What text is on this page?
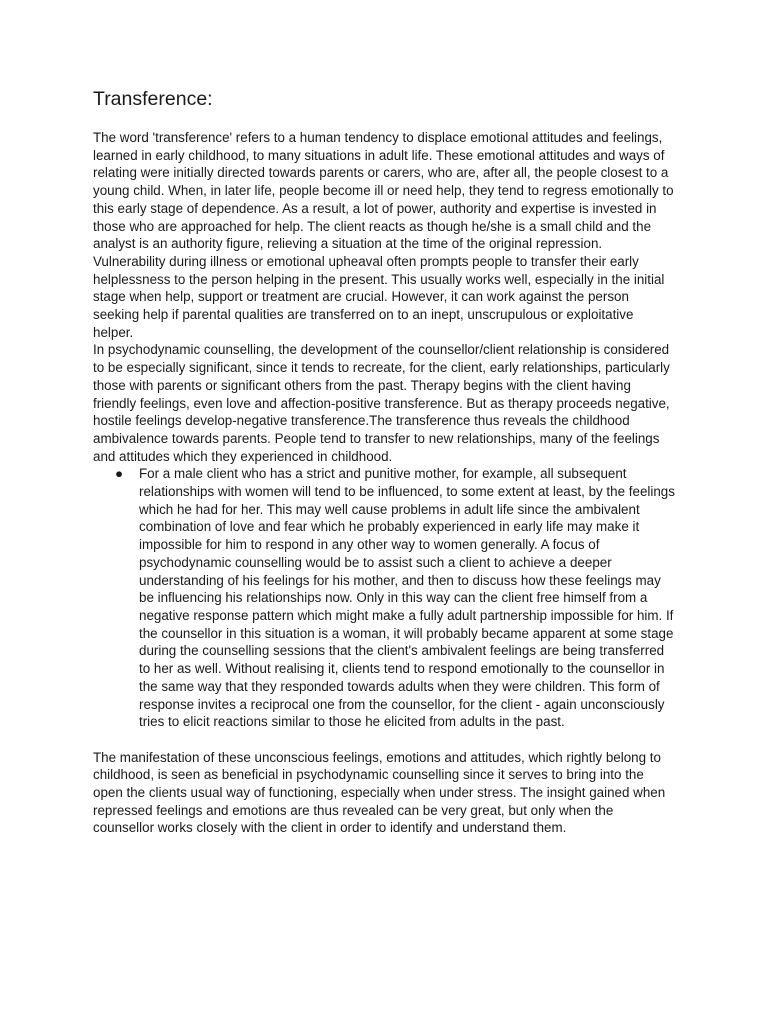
Transference:

The word 'transference' refers to a human tendency to displace emotional attitudes and feelings, learned in early childhood, to many situations in adult life. These emotional attitudes and ways of relating were initially directed towards parents or carers, who are, after all, the people closest to a young child. When, in later life, people become ill or need help, they tend to regress emotionally to this early stage of dependence. As a result, a lot of power, authority and expertise is invested in those who are approached for help. The client reacts as though he/she is a small child and the analyst is an authority figure, relieving a situation at the time of the original repression. Vulnerability during illness or emotional upheaval often prompts people to transfer their early helplessness to the person helping in the present. This usually works well, especially in the initial stage when help, support or treatment are crucial. However, it can work against the person seeking help if parental qualities are transferred on to an inept, unscrupulous or exploitative helper.

In psychodynamic counselling, the development of the counsellor/client relationship is considered to be especially significant, since it tends to recreate, for the client, early relationships, particularly those with parents or significant others from the past. Therapy begins with the client having friendly feelings, even love and affection-positive transference. But as therapy proceeds negative, hostile feelings develop-negative transference.The transference thus reveals the childhood ambivalence towards parents. People tend to transfer to new relationships, many of the feelings and attitudes which they experienced in childhood.

● For a male client who has a strict and punitive mother, for example, all subsequent relationships with women will tend to be influenced, to some extent at least, by the feelings which he had for her. This may well cause problems in adult life since the ambivalent combination of love and fear which he probably experienced in early life may make it impossible for him to respond in any other way to women generally. A focus of psychodynamic counselling would be to assist such a client to achieve a deeper understanding of his feelings for his mother, and then to discuss how these feelings may be influencing his relationships now. Only in this way can the client free himself from a negative response pattern which might make a fully adult partnership impossible for him. If the counsellor in this situation is a woman, it will probably became apparent at some stage during the counselling sessions that the client's ambivalent feelings are being transferred to her as well. Without realising it, clients tend to respond emotionally to the counsellor in the same way that they responded towards adults when they were children. This form of response invites a reciprocal one from the counsellor, for the client - again unconsciously tries to elicit reactions similar to those he elicited from adults in the past.

The manifestation of these unconscious feelings, emotions and attitudes, which rightly belong to childhood, is seen as beneficial in psychodynamic counselling since it serves to bring into the open the clients usual way of functioning, especially when under stress. The insight gained when repressed feelings and emotions are thus revealed can be very great, but only when the counsellor works closely with the client in order to identify and understand them.
